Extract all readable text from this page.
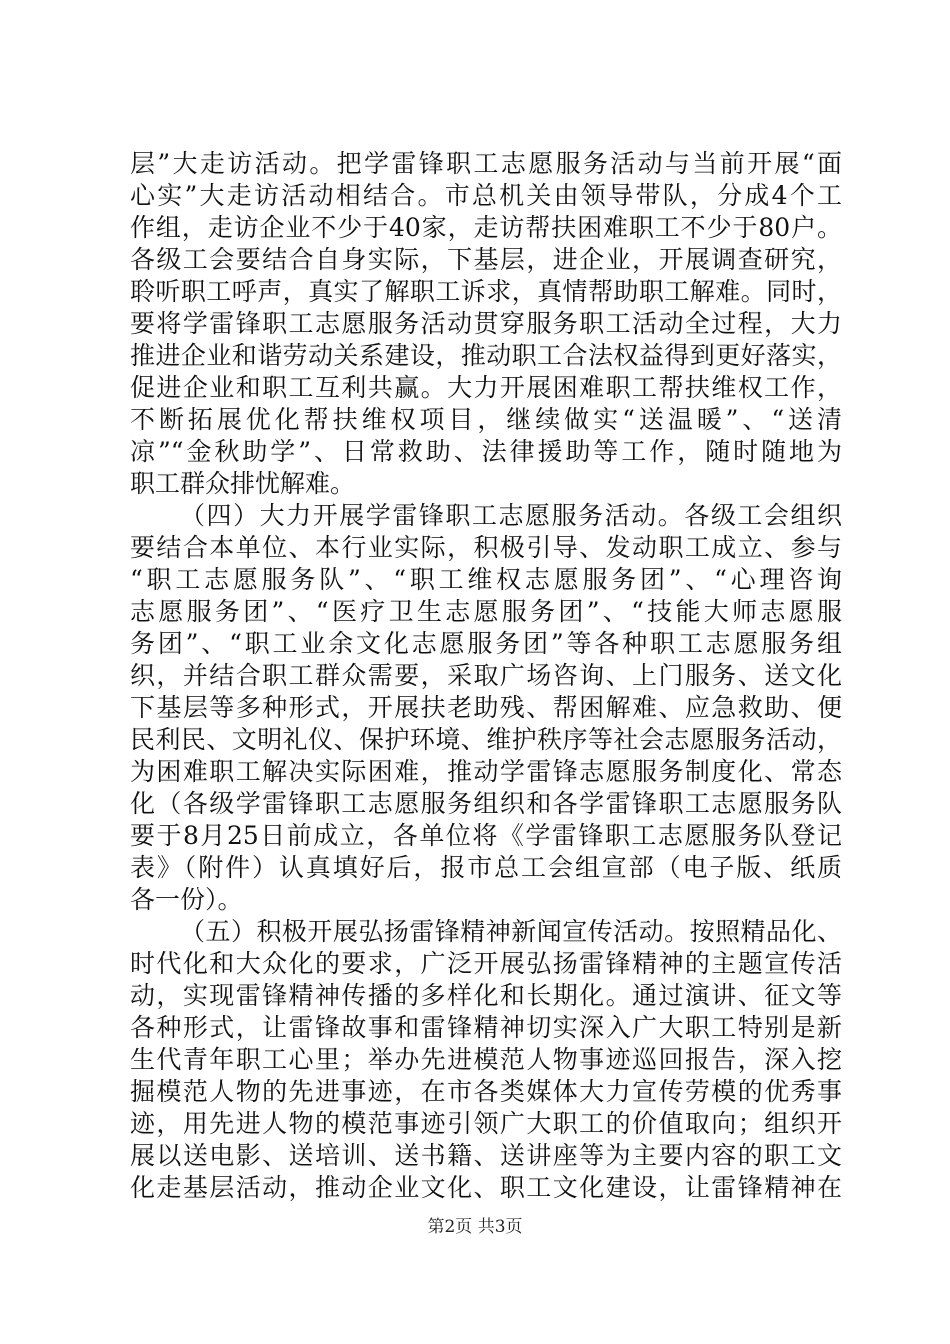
层”大走访活动。把学雷锋职工志愿服务活动与当前开展“面
心实”大走访活动相结合。市总机关由领导带队，分成4个工
作组，走访企业不少于40家，走访帮扶困难职工不少于80户。
各级工会要结合自身实际，下基层，进企业，开展调查研究，
聆听职工呼声，真实了解职工诉求，真情帮助职工解难。同时，
要将学雷锋职工志愿服务活动贯穿服务职工活动全过程，大力
推进企业和谐劳动关系建设，推动职工合法权益得到更好落实，
促进企业和职工互利共赢。大力开展困难职工帮扶维权工作，
不断拓展优化帮扶维权项目，继续做实“送温暖”、“送清
凉”“金秋助学”、日常救助、法律援助等工作，随时随地为
职工群众排忧解难。
（四）大力开展学雷锋职工志愿服务活动。各级工会组织
要结合本单位、本行业实际，积极引导、发动职工成立、参与
“职工志愿服务队”、“职工维权志愿服务团”、“心理咨询
志愿服务团”、“医疗卫生志愿服务团”、“技能大师志愿服
务团”、“职工业余文化志愿服务团”等各种职工志愿服务组
织，并结合职工群众需要，采取广场咨询、上门服务、送文化
下基层等多种形式，开展扶老助残、帮困解难、应急救助、便
民利民、文明礼仪、保护环境、维护秩序等社会志愿服务活动，
为困难职工解决实际困难，推动学雷锋志愿服务制度化、常态
化（各级学雷锋职工志愿服务组织和各学雷锋职工志愿服务队
要于8月25日前成立，各单位将《学雷锋职工志愿服务队登记
表》（附件）认真填好后，报市总工会组宣部（电子版、纸质
各一份）。
（五）积极开展弘扬雷锋精神新闻宣传活动。按照精品化、
时代化和大众化的要求，广泛开展弘扬雷锋精神的主题宣传活
动，实现雷锋精神传播的多样化和长期化。通过演讲、征文等
各种形式，让雷锋故事和雷锋精神切实深入广大职工特别是新
生代青年职工心里；举办先进模范人物事迹巡回报告，深入挖
掘模范人物的先进事迹，在市各类媒体大力宣传劳模的优秀事
迹，用先进人物的模范事迹引领广大职工的价值取向；组织开
展以送电影、送培训、送书籍、送讲座等为主要内容的职工文
化走基层活动，推动企业文化、职工文化建设，让雷锋精神在
第2页 共3页
